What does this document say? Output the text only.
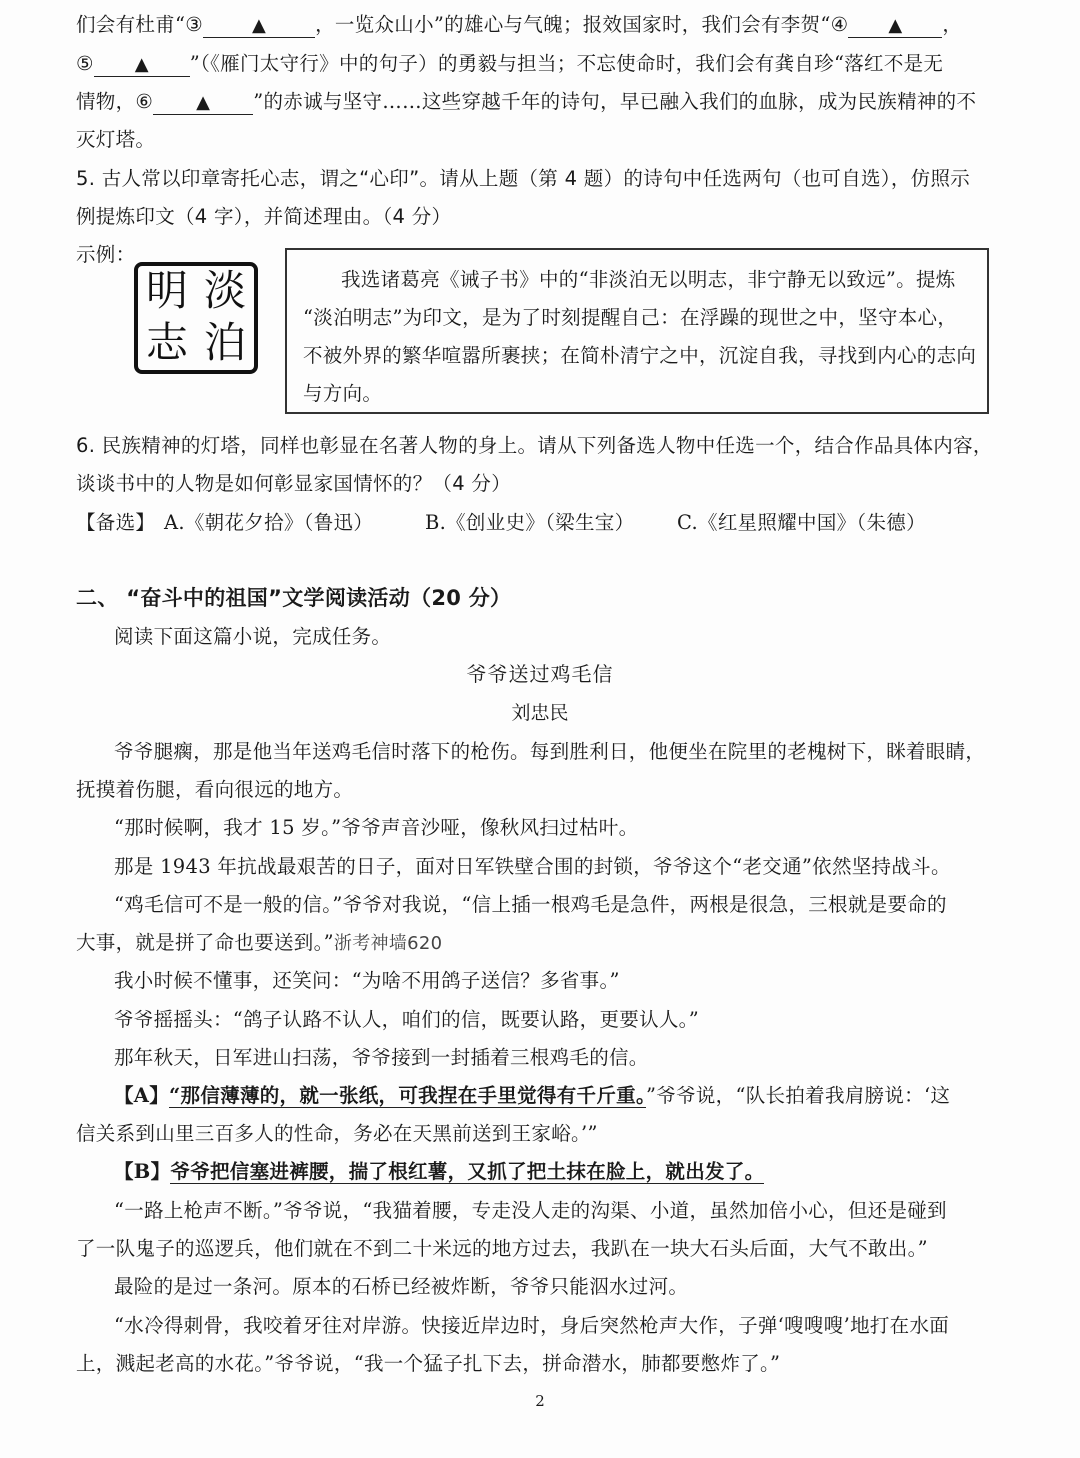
们会有杜甫“③	▲	，一览众山小”的雄心与气魄；报效国家时，我们会有李贺“④ ▲ ，
⑤ ▲ ”（《雁门太守行》中的句子）的勇毅与担当；不忘使命时，我们会有龚自珍“落红不是无
情物，⑥ ▲ ”的赤诚与坚守……这些穿越千年的诗句，早已融入我们的血脉，成为民族精神的不
灭灯塔。
5. 古人常以印章寄托心志，谓之“心印”。请从上题（第 4 题）的诗句中任选两句（也可自选），仿照示
例提炼印文（4 字），并简述理由。（4 分）
示例：
明 淡
志 泊
我选诸葛亮《诫子书》中的“非淡泊无以明志，非宁静无以致远”。提炼
“淡泊明志”为印文，是为了时刻提醒自己：在浮躁的现世之中，坚守本心，
不被外界的繁华喧嚣所裹挟；在简朴清宁之中，沉淀自我，寻找到内心的志向
与方向。
6. 民族精神的灯塔，同样也彰显在名著人物的身上。请从下列备选人物中任选一个，结合作品具体内容，
谈谈书中的人物是如何彰显家国情怀的？（4 分）
【备选】 A.《朝花夕拾》（鲁迅）	B.《创业史》（梁生宝） C.《红星照耀中国》（朱德）
二、 “奋斗中的祖国”文学阅读活动（20 分）
阅读下面这篇小说，完成任务。
爷爷送过鸡毛信
刘忠民
爷爷腿瘸，那是他当年送鸡毛信时落下的枪伤。每到胜利日，他便坐在院里的老槐树下，眯着眼睛，
抚摸着伤腿，看向很远的地方。
“那时候啊，我才 15 岁。”爷爷声音沙哑，像秋风扫过枯叶。
那是 1943 年抗战最艰苦的日子，面对日军铁壁合围的封锁，爷爷这个“老交通”依然坚持战斗。
“鸡毛信可不是一般的信。”爷爷对我说，“信上插一根鸡毛是急件，两根是很急，三根就是要命的
大事，就是拼了命也要送到。”浙考神墙620
我小时候不懂事，还笑问：“为啥不用鸽子送信？多省事。”
爷爷摇摇头：“鸽子认路不认人，咱们的信，既要认路，更要认人。”
那年秋天，日军进山扫荡，爷爷接到一封插着三根鸡毛的信。
【A】“那信薄薄的，就一张纸，可我捏在手里觉得有千斤重。”爷爷说，“队长拍着我肩膀说：‘这
信关系到山里三百多人的性命，务必在天黑前送到王家峪。’”
【B】爷爷把信塞进裤腰，揣了根红薯，又抓了把土抹在脸上，就出发了。
“一路上枪声不断。”爷爷说，“我猫着腰，专走没人走的沟渠、小道，虽然加倍小心，但还是碰到
了一队鬼子的巡逻兵，他们就在不到二十米远的地方过去，我趴在一块大石头后面，大气不敢出。”
最险的是过一条河。原本的石桥已经被炸断，爷爷只能泅水过河。
“水冷得刺骨，我咬着牙往对岸游。快接近岸边时，身后突然枪声大作，子弹‘嗖嗖嗖’地打在水面
上，溅起老高的水花。”爷爷说，“我一个猛子扎下去，拼命潜水，肺都要憋炸了。”
2
